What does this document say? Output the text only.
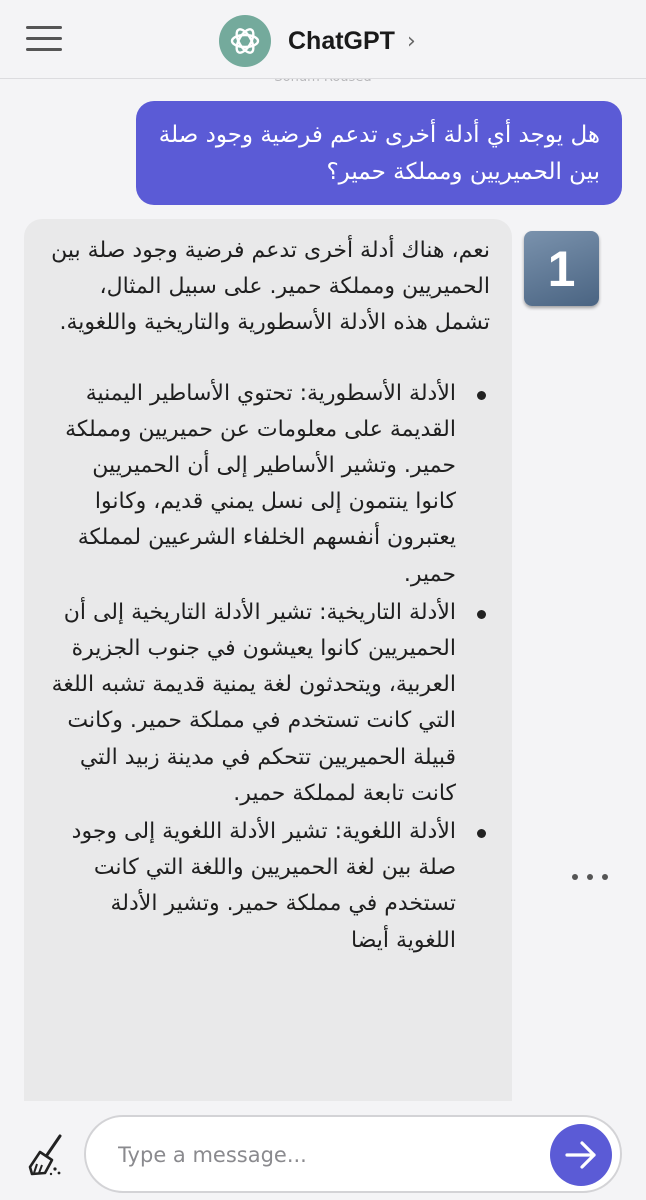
ChatGPT ›
هل يوجد أي أدلة أخرى تدعم فرضية وجود صلة بين الحميريين ومملكة حمير؟

نعم، هناك أدلة أخرى تدعم فرضية وجود صلة بين الحميريين ومملكة حمير. على سبيل المثال، تشمل هذه الأدلة الأسطورية والتاريخية واللغوية.

الأدلة الأسطورية: تحتوي الأساطير اليمنية القديمة على معلومات عن حميريين ومملكة حمير. وتشير الأساطير إلى أن الحميريين كانوا ينتمون إلى نسل يمني قديم، وكانوا يعتبرون أنفسهم الخلفاء الشرعيين لمملكة حمير.
الأدلة التاريخية: تشير الأدلة التاريخية إلى أن الحميريين كانوا يعيشون في جنوب الجزيرة العربية، ويتحدثون لغة يمنية قديمة تشبه اللغة التي كانت تستخدم في مملكة حمير. وكانت قبيلة الحميريين تتحكم في مدينة زبيد التي كانت تابعة لمملكة حمير.
الأدلة اللغوية: تشير الأدلة اللغوية إلى وجود صلة بين لغة الحميريين واللغة التي كانت تستخدم في مملكة حمير. وتشير الأدلة اللغوية أيضا
1
Type a message...
